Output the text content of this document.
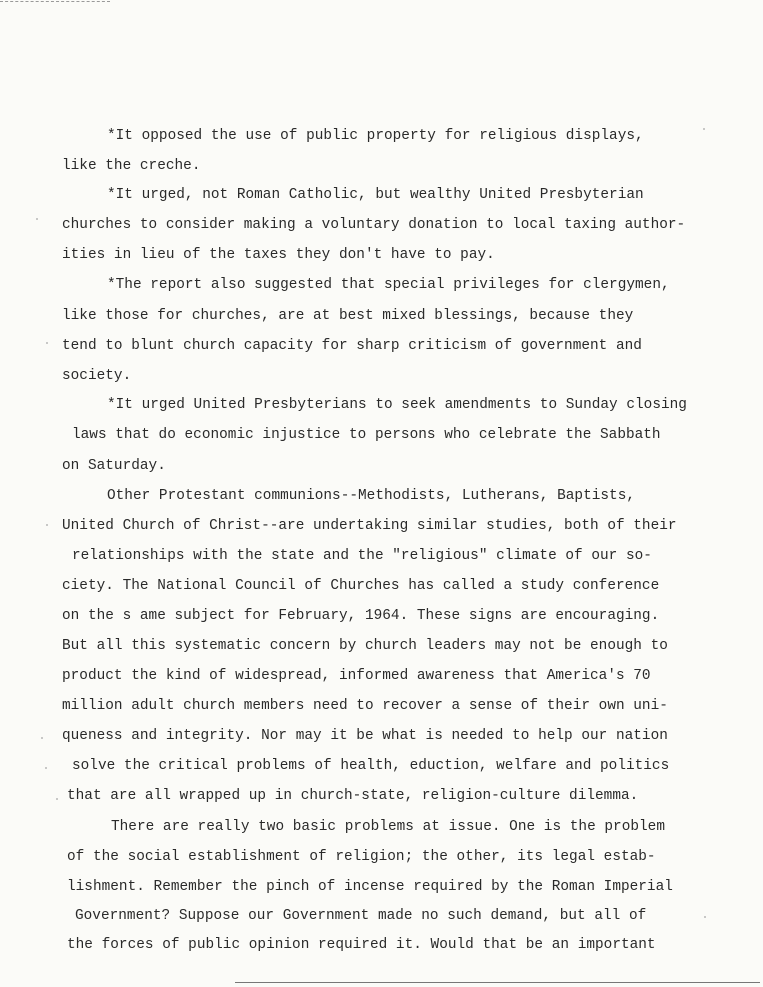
*It opposed the use of public property for religious displays,
like the creche.
*It urged, not Roman Catholic, but wealthy United Presbyterian
churches to consider making a voluntary donation to local taxing author-
ities in lieu of the taxes they don't have to pay.
*The report also suggested that special privileges for clergymen,
like those for churches, are at best mixed blessings, because they
tend to blunt church capacity for sharp criticism of government and
society.
*It urged United Presbyterians to seek amendments to Sunday closing
laws that do economic injustice to persons who celebrate the Sabbath
on Saturday.
Other Protestant communions--Methodists, Lutherans, Baptists,
United Church of Christ--are undertaking similar studies, both of their
relationships with the state and the "religious" climate of our so-
ciety. The National Council of Churches has called a study conference
on the s ame subject for February, 1964. These signs are encouraging.
But all this systematic concern by church leaders may not be enough to
product the kind of widespread, informed awareness that America's 70
million adult church members need to recover a sense of their own uni-
queness and integrity. Nor may it be what is needed to help our nation
solve the critical problems of health, eduction, welfare and politics
that are all wrapped up in church-state, religion-culture dilemma.
There are really two basic problems at issue. One is the problem
of the social establishment of religion; the other, its legal estab-
lishment. Remember the pinch of incense required by the Roman Imperial
Government? Suppose our Government made no such demand, but all of
the forces of public opinion required it. Would that be an important
